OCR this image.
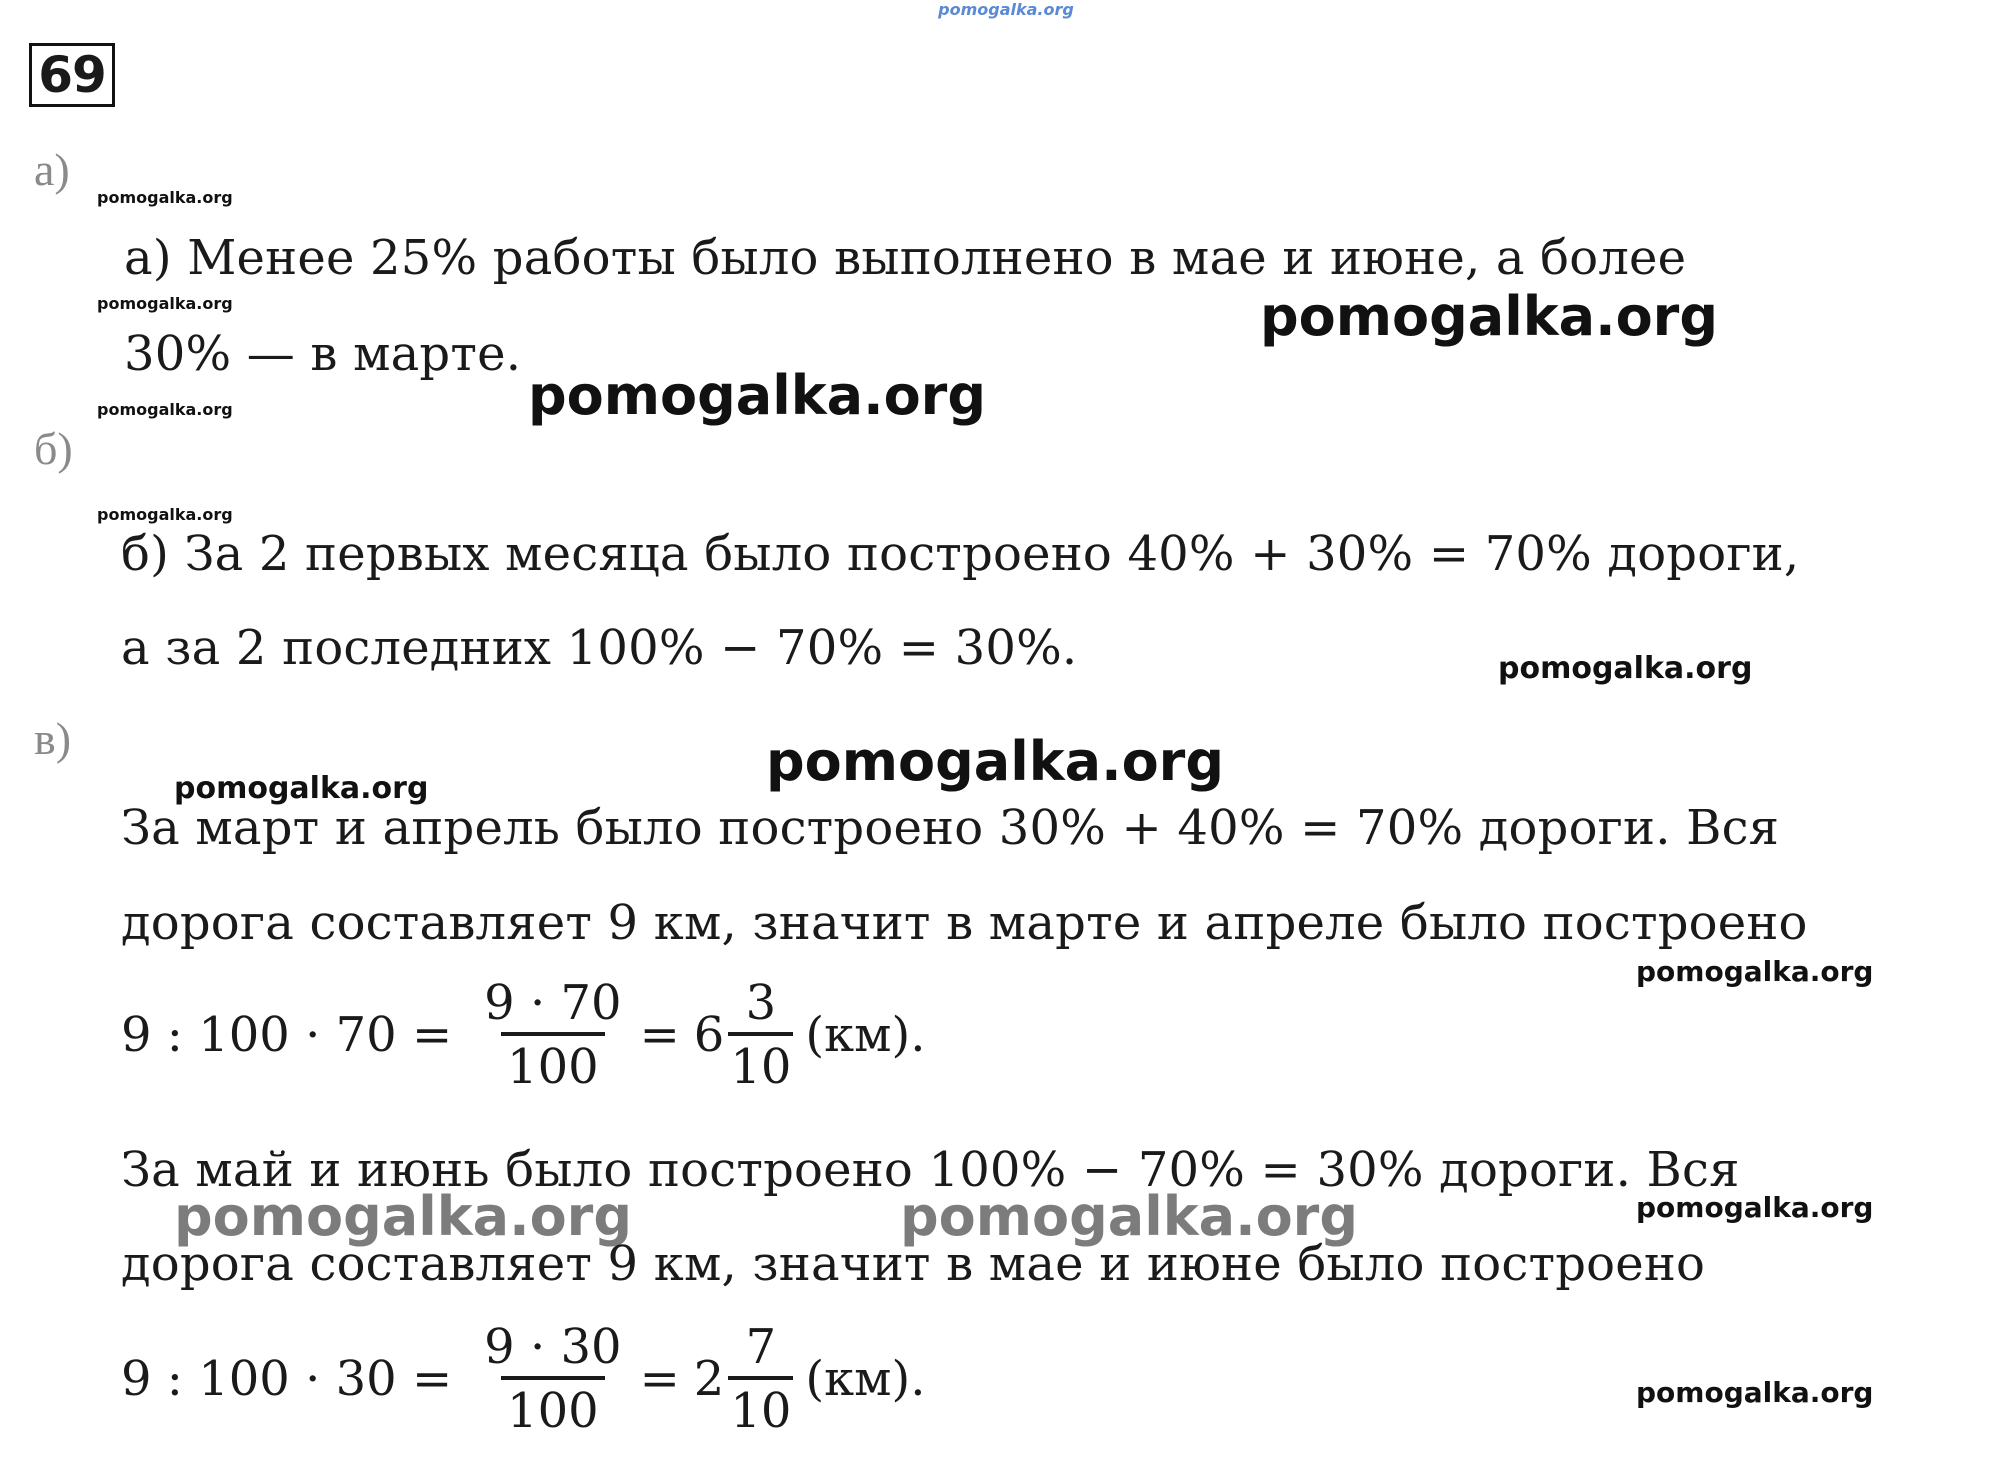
pomogalka.org
69
а)
pomogalka.org
а) Менее 25% работы было выполнено в мае и июне, а более
pomogalka.org	pomogalka.org
30% — в марте.
pomogalka.org
pomogalka.org
б)
pomogalka.org
б) За 2 первых месяца было построено 40% + 30% = 70% дороги,
а за 2 последних 100% − 70% = 30%.	pomogalka.org
в)	pomogalka.org
pomogalka.org
За март и апрель было построено 30% + 40% = 70% дороги. Вся
дорога составляет 9 км, значит в марте и апреле было построено
pomogalka.org
9 : $100 \cdot 70 = \frac{9 \cdot 70}{100} = 6 \frac{3}{10} (км)$.
За май и июнь было построено 100% − 70% = 30% дороги. Вся
pomogalka.org	pomogalka.org	pomogalka.org
дорога составляет 9 км, значит в мае и июне было построено
9 : $100 \cdot 30 = \frac{9 \cdot 30}{100} = 2 \frac{7}{10} (км)$.	pomogalka.org
